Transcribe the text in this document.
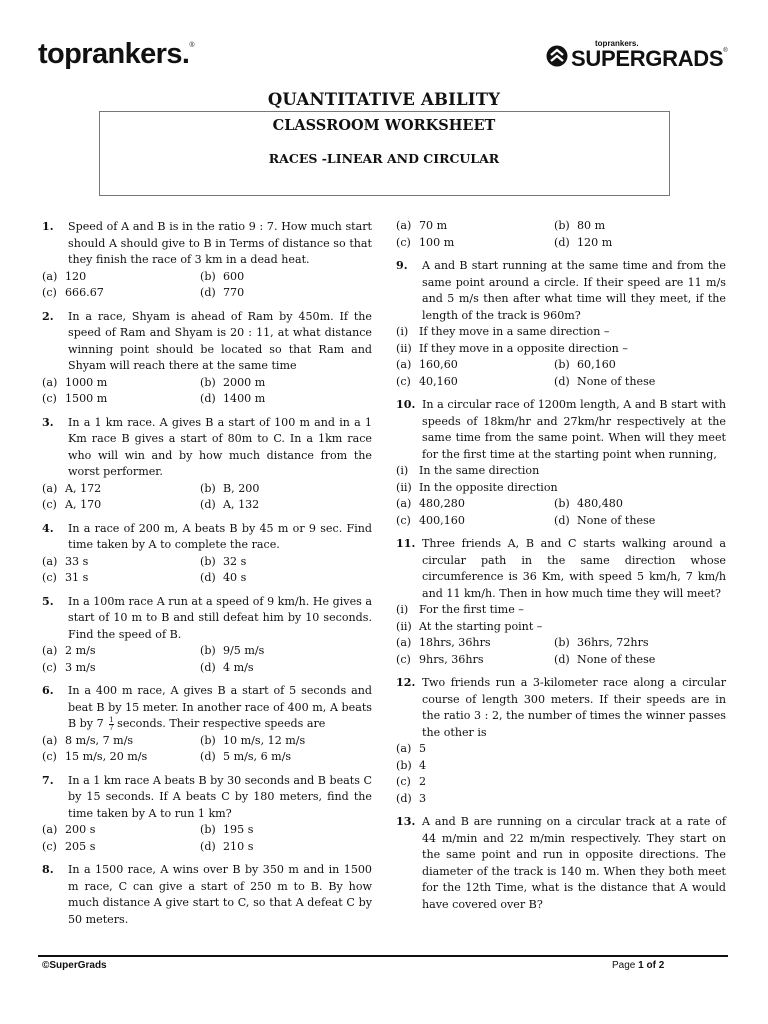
toprankers.®	toprankers.
SUPERGRADS®
QUANTITATIVE ABILITY
CLASSROOM WORKSHEET
RACES -LINEAR AND CIRCULAR
1.	Speed of A and B is in the ratio 9 : 7. How much start should A should give to B in Terms of distance so that they finish the race of 3 km in a dead heat.
(a) 120	(b) 600
(c) 666.67	(d) 770
2.	In a race, Shyam is ahead of Ram by 450m. If the speed of Ram and Shyam is 20 : 11, at what distance winning point should be located so that Ram and Shyam will reach there at the same time
(a) 1000 m	(b) 2000 m
(c) 1500 m	(d) 1400 m
3.	In a 1 km race. A gives B a start of 100 m and in a 1 Km race B gives a start of 80m to C. In a 1km race who will win and by how much distance from the worst performer.
(a) A, 172	(b) B, 200
(c) A, 170	(d) A, 132
4.	In a race of 200 m, A beats B by 45 m or 9 sec. Find time taken by A to complete the race.
(a) 33 s	(b) 32 s
(c) 31 s	(d) 40 s
5.	In a 100m race A run at a speed of 9 km/h. He gives a start of 10 m to B and still defeat him by 10 seconds. Find the speed of B.
(a) 2 m/s	(b) 9/5 m/s
(c) 3 m/s	(d) 4 m/s
6.	In a 400 m race, A gives B a start of 5 seconds and beat B by 15 meter. In another race of 400 m, A beats B by $7 \frac{1}{7}$ seconds. Their respective speeds are
(a) 8 m/s, 7 m/s	(b) 10 m/s, 12 m/s
(c) 15 m/s, 20 m/s	(d) 5 m/s, 6 m/s
7.	In a 1 km race A beats B by 30 seconds and B beats C by 15 seconds. If A beats C by 180 meters, find the time taken by A to run 1 km?
(a) 200 s	(b) 195 s
(c) 205 s	(d) 210 s
8.	In a 1500 race, A wins over B by 350 m and in 1500 m race, C can give a start of 250 m to B. By how much distance A give start to C, so that A defeat C by 50 meters.
(a) 70 m	(b) 80 m
(c) 100 m	(d) 120 m
9.	A and B start running at the same time and from the same point around a circle. If their speed are 11 m/s and 5 m/s then after what time will they meet, if the length of the track is 960m?
(i) If they move in a same direction –
(ii) If they move in a opposite direction –
(a) 160,60	(b) 60,160
(c) 40,160	(d) None of these
10. In a circular race of 1200m length, A and B start with speeds of 18km/hr and 27km/hr respectively at the same time from the same point. When will they meet for the first time at the starting point when running,
(i) In the same direction
(ii) In the opposite direction
(a) 480,280	(b) 480,480
(c) 400,160	(d) None of these
11. Three friends A, B and C starts walking around a circular path in the same direction whose circumference is 36 Km, with speed 5 km/h, 7 km/h and 11 km/h. Then in how much time they will meet?
(i) For the first time –
(ii) At the starting point –
(a) 18hrs, 36hrs	(b) 36hrs, 72hrs
(c) 9hrs, 36hrs	(d) None of these
12. Two friends run a 3-kilometer race along a circular course of length 300 meters. If their speeds are in the ratio 3 : 2, the number of times the winner passes the other is
(a) 5
(b) 4
(c) 2
(d) 3
13. A and B are running on a circular track at a rate of 44 m/min and 22 m/min respectively. They start on the same point and run in opposite directions. The diameter of the track is 140 m. When they both meet for the 12th Time, what is the distance that A would have covered over B?
©SuperGrads	Page 1 of 2
